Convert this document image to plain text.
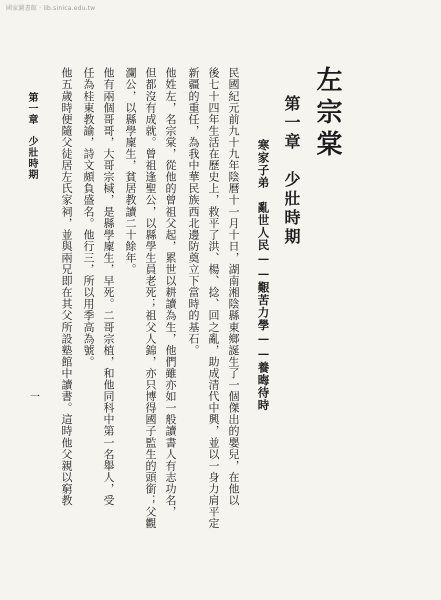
國家圖書館 · lib.sinica.edu.tw
左宗棠
第一章　少壯時期
寒家子弟　亂世人民——艱苦力學——養晦待時
民國紀元前九十九年陰曆十一月十日，湖南湘陰縣東鄉誕生了一個傑出的嬰兒，在他以
後七十四年生活在歷史上，救平了洪、楊、捻、回之亂，助成清代中興，並以一身力肩平定
新疆的重任，為我中華民族西北邊防奠立下當時的基石。
他姓左，名宗棠，從他的曾祖父起，累世以耕讀為生，他們雖亦如一般讀書人有志功名，
但都沒有成就。曾祖逢聖公，以縣學生員老死；祖父人錦，亦只博得國子監生的頭銜；父觀
瀾公，以縣學廩生，貧居教讀二十餘年。
他有兩個哥哥，大哥宗棫，是縣學廩生，早死。二哥宗植，和他同科中第一名舉人，受
任為桂東教諭，詩文頗負盛名。他行三，所以用季高為號。
他五歲時便隨父徒居左氏家祠，並與兩兄即在其父所設塾館中讀書。這時他父親以窮教
第一章　少壯時期
一
